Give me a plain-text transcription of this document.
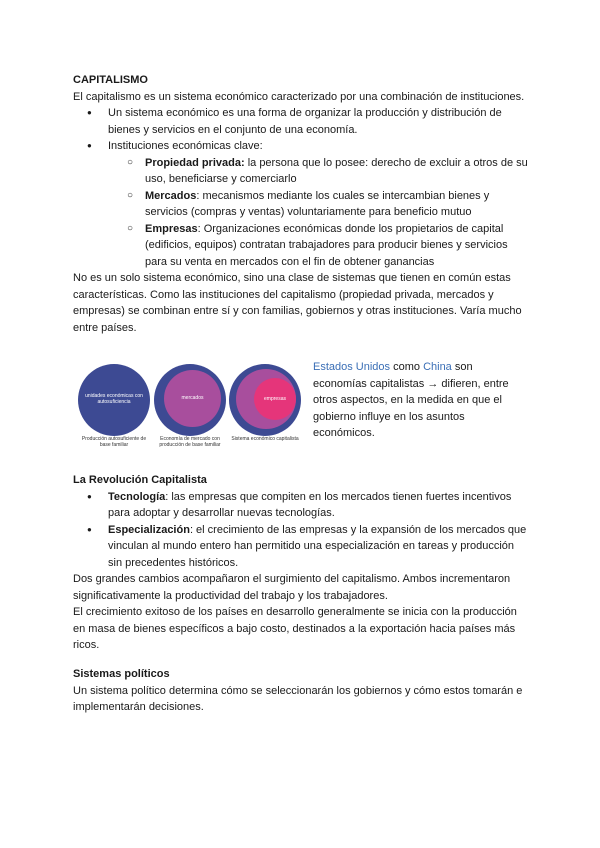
CAPITALISMO

El capitalismo es un sistema económico caracterizado por una combinación de instituciones.

● Un sistema económico es una forma de organizar la producción y distribución de bienes y servicios en el conjunto de una economía.
● Instituciones económicas clave:
○ Propiedad privada: la persona que lo posee: derecho de excluir a otros de su uso, beneficiarse y comerciarlo
○ Mercados: mecanismos mediante los cuales se intercambian bienes y servicios (compras y ventas) voluntariamente para beneficio mutuo
○ Empresas: Organizaciones económicas donde los propietarios de capital (edificios, equipos) contratan trabajadores para producir bienes y servicios para su venta en mercados con el fin de obtener ganancias

No es un solo sistema económico, sino una clase de sistemas que tienen en común estas características. Como las instituciones del capitalismo (propiedad privada, mercados y empresas) se combinan entre sí y con familias, gobiernos y otras instituciones. Varía mucho entre países.

unidades económicas con autosuficiencia
mercados	empresas
Producción autosuficiente de base familiar
Economía de mercado con producción de base familiar
Sistema económico capitalista
Estados Unidos como China son economías capitalistas → difieren, entre otros aspectos, en la medida en que el gobierno influye en los asuntos económicos.
La Revolución Capitalista
● Tecnología: las empresas que compiten en los mercados tienen fuertes incentivos para adoptar y desarrollar nuevas tecnologías.
● Especialización: el crecimiento de las empresas y la expansión de los mercados que vinculan al mundo entero han permitido una especialización en tareas y producción sin precedentes históricos.

Dos grandes cambios acompañaron el surgimiento del capitalismo. Ambos incrementaron significativamente la productividad del trabajo y los trabajadores.

El crecimiento exitoso de los países en desarrollo generalmente se inicia con la producción en masa de bienes específicos a bajo costo, destinados a la exportación hacia países más ricos.

Sistemas políticos

Un sistema político determina cómo se seleccionarán los gobiernos y cómo estos tomarán e implementarán decisiones.
